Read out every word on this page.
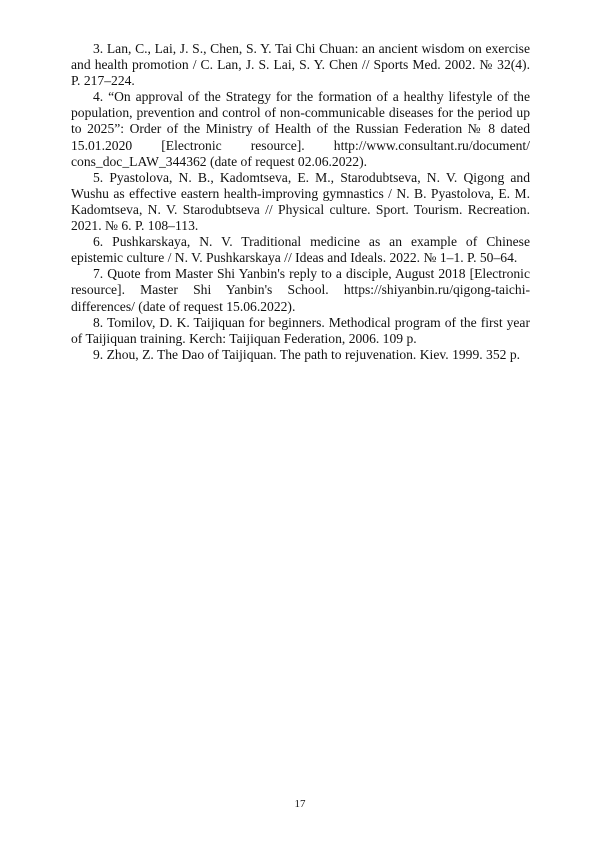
3. Lan, C., Lai, J. S., Chen, S. Y. Tai Chi Chuan: an ancient wisdom on exercise and health promotion / C. Lan, J. S. Lai, S. Y. Chen // Sports Med. 2002. № 32(4). P. 217–224.

4. “On approval of the Strategy for the formation of a healthy lifestyle of the population, prevention and control of non-communicable diseases for the period up to 2025”: Order of the Ministry of Health of the Russian Federation № 8 dated 15.01.2020 [Electronic resource]. http://www.consultant.ru/document/ cons_doc_LAW_344362 (date of request 02.06.2022).

5. Pyastolova, N. B., Kadomtseva, E. M., Starodubtseva, N. V. Qigong and Wushu as effective eastern health-improving gymnastics / N. B. Pyastolova, E. M. Kadomtseva, N. V. Starodubtseva // Physical culture. Sport. Tourism. Recreation. 2021. № 6. P. 108–113.

6. Pushkarskaya, N. V. Traditional medicine as an example of Chinese epistemic culture / N. V. Pushkarskaya // Ideas and Ideals. 2022. № 1–1. P. 50–64.

7. Quote from Master Shi Yanbin's reply to a disciple, August 2018 [Electronic resource]. Master Shi Yanbin's School. https://shiyanbin.ru/qigong-taichi-differences/ (date of request 15.06.2022).

8. Tomilov, D. K. Taijiquan for beginners. Methodical program of the first year of Taijiquan training. Kerch: Taijiquan Federation, 2006. 109 p.

9. Zhou, Z. The Dao of Taijiquan. The path to rejuvenation. Kiev. 1999. 352 p.

17
